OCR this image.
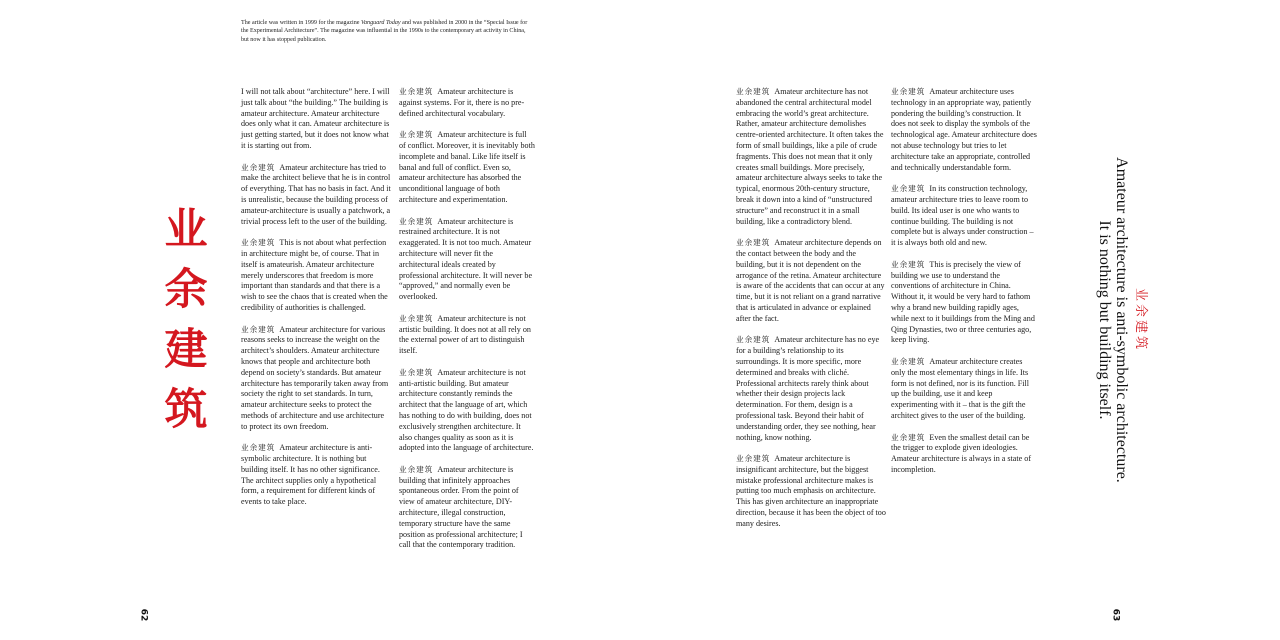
The article was written in 1999 for the magazine Vanguard Today and was published in 2000 in the “Special Issue for the Experimental Architecture”. The magazine was influential in the 1990s to the contemporary art activity in China, but now it has stopped publication.
业
余
建
筑

I will not talk about “architecture” here. I will just talk about “the building.” The building is amateur architecture. Amateur architecture does only what it can. Amateur architecture is just getting started, but it does not know what it is starting out from.

业余建筑 Amateur architecture has tried to make the architect believe that he is in control of everything. That has no basis in fact. And it is unrealistic, because the building process of amateur-architecture is usually a patchwork, a trivial process left to the user of the building.

业余建筑 This is not about what perfection in architecture might be, of course. That in itself is amateurish. Amateur architecture merely underscores that freedom is more important than standards and that there is a wish to see the chaos that is created when the credibility of authorities is challenged.

业余建筑 Amateur architecture for various reasons seeks to increase the weight on the architect’s shoulders. Amateur architecture knows that people and architecture both depend on society’s standards. But amateur architecture has temporarily taken away from society the right to set standards. In turn, amateur architecture seeks to protect the methods of architecture and use architecture to protect its own freedom.

业余建筑 Amateur architecture is anti-symbolic architecture. It is nothing but building itself. It has no other significance. The architect supplies only a hypothetical form, a requirement for different kinds of events to take place.

业余建筑 Amateur architecture is against systems. For it, there is no pre-defined architectural vocabulary.

业余建筑 Amateur architecture is full of conflict. Moreover, it is inevitably both incomplete and banal. Like life itself is banal and full of conflict. Even so, amateur architecture has absorbed the unconditional language of both architecture and experimentation.

业余建筑 Amateur architecture is restrained architecture. It is not exaggerated. It is not too much. Amateur architecture will never fit the architectural ideals created by professional architecture. It will never be “approved,” and normally even be overlooked.

业余建筑 Amateur architecture is not artistic building. It does not at all rely on the external power of art to distinguish itself.

业余建筑 Amateur architecture is not anti-artistic building. But amateur architecture constantly reminds the architect that the language of art, which has nothing to do with building, does not exclusively strengthen architecture. It also changes quality as soon as it is adopted into the language of architecture.

业余建筑 Amateur architecture is building that infinitely approaches spontaneous order. From the point of view of amateur architecture, DIY-architecture, illegal construction, temporary structure have the same position as professional architecture; I call that the contemporary tradition.

62

业余建筑 Amateur architecture has not abandoned the central architectural model embracing the world’s great architecture. Rather, amateur architecture demolishes centre-oriented architecture. It often takes the form of small buildings, like a pile of crude fragments. This does not mean that it only creates small buildings. More precisely, amateur architecture always seeks to take the typical, enormous 20th-century structure, break it down into a kind of “unstructured structure” and reconstruct it in a small building, like a contradictory blend.

业余建筑 Amateur architecture depends on the contact between the body and the building, but it is not dependent on the arrogance of the retina. Amateur architecture is aware of the accidents that can occur at any time, but it is not reliant on a grand narrative that is articulated in advance or explained after the fact.

业余建筑 Amateur architecture has no eye for a building’s relationship to its surroundings. It is more specific, more determined and breaks with cliché. Professional architects rarely think about whether their design projects lack determination. For them, design is a professional task. Beyond their habit of understanding order, they see nothing, hear nothing, know nothing.

业余建筑 Amateur architecture is insignificant architecture, but the biggest mistake professional architecture makes is putting too much emphasis on architecture. This has given architecture an inappropriate direction, because it has been the object of too many desires.

业余建筑 Amateur architecture uses technology in an appropriate way, patiently pondering the building’s construction. It does not seek to display the symbols of the technological age. Amateur architecture does not abuse technology but tries to let architecture take an appropriate, controlled and technically understandable form.

业余建筑 In its construction technology, amateur architecture tries to leave room to build. Its ideal user is one who wants to continue building. The building is not complete but is always under construction – it is always both old and new.

业余建筑 This is precisely the view of building we use to understand the conventions of architecture in China. Without it, it would be very hard to fathom why a brand new building rapidly ages, while next to it buildings from the Ming and Qing Dynasties, two or three centuries ago, keep living.

业余建筑 Amateur architecture creates only the most elementary things in life. Its form is not defined, nor is its function. Fill up the building, use it and keep experimenting with it – that is the gift the architect gives to the user of the building.

业余建筑 Even the smallest detail can be the trigger to explode given ideologies. Amateur architecture is always in a state of incompletion.

业余建筑
Amateur architecture is anti-symbolic architecture.
It is nothing but building itself.
63
